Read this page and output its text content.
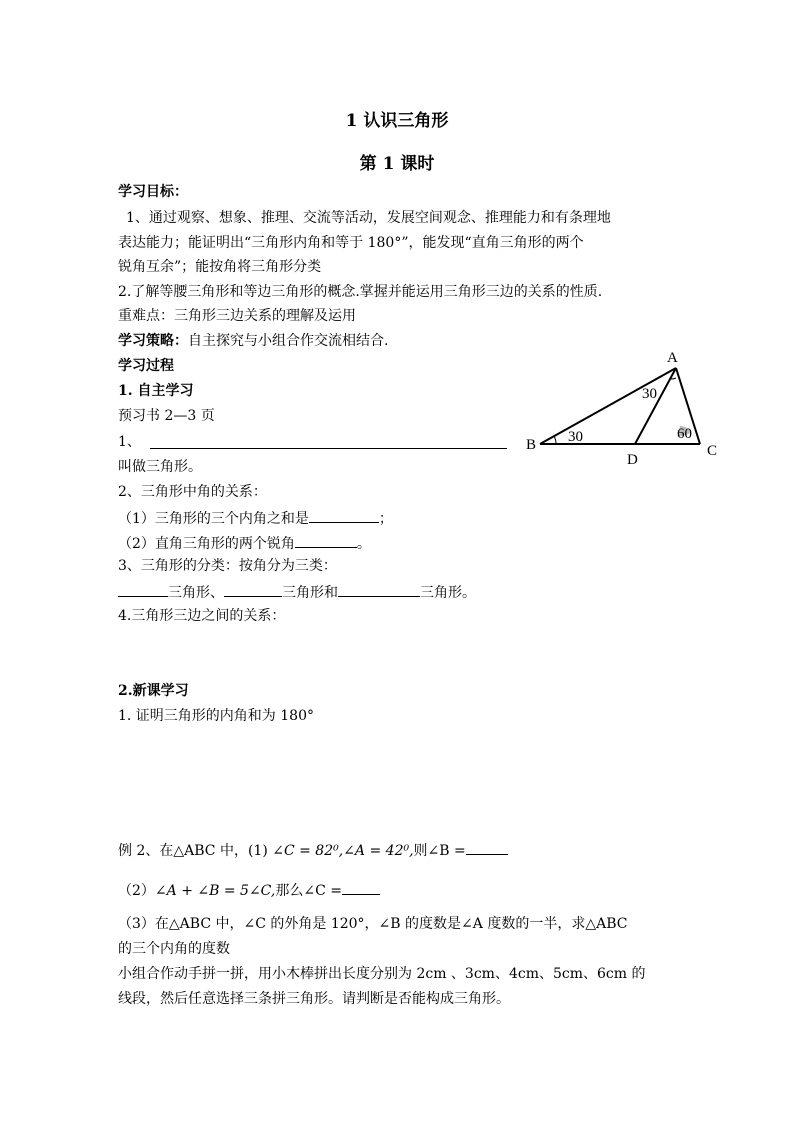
1 认识三角形
第 1 课时
学习目标：
1、通过观察、想象、推理、交流等活动，发展空间观念、推理能力和有条理地
表达能力；能证明出“三角形内角和等于 180°”，能发现“直角三角形的两个
锐角互余”；能按角将三角形分类
2.了解等腰三角形和等边三角形的概念.掌握并能运用三角形三边的关系的性质.
重难点：三角形三边关系的理解及运用
学习策略：自主探究与小组合作交流相结合.
学习过程
1. 自主学习
预习书 2—3 页
1、
叫做三角形。
2、三角形中角的关系：
（1）三角形的三个内角之和是	；
（2）直角三角形的两个锐角	。
3、三角形的分类：按角分为三类：
三角形、	三角形和	三角形。
4.三角形三边之间的关系：
2.新课学习
1. 证明三角形的内角和为 180°
例 2、在△ABC 中，(1) ∠C = 82⁰,∠A = 42⁰,则∠B =
（2）∠A + ∠B = 5∠C,那么∠C =
（3）在△ABC 中，∠C 的外角是 120°，∠B 的度数是∠A 度数的一半，求△ABC
的三个内角的度数
小组合作动手拼一拼，用小木棒拼出长度分别为 2cm 、3cm、4cm、5cm、6cm 的
线段，然后任意选择三条拼三角形。请判断是否能构成三角形。
A
B	C
D
30
30
60
